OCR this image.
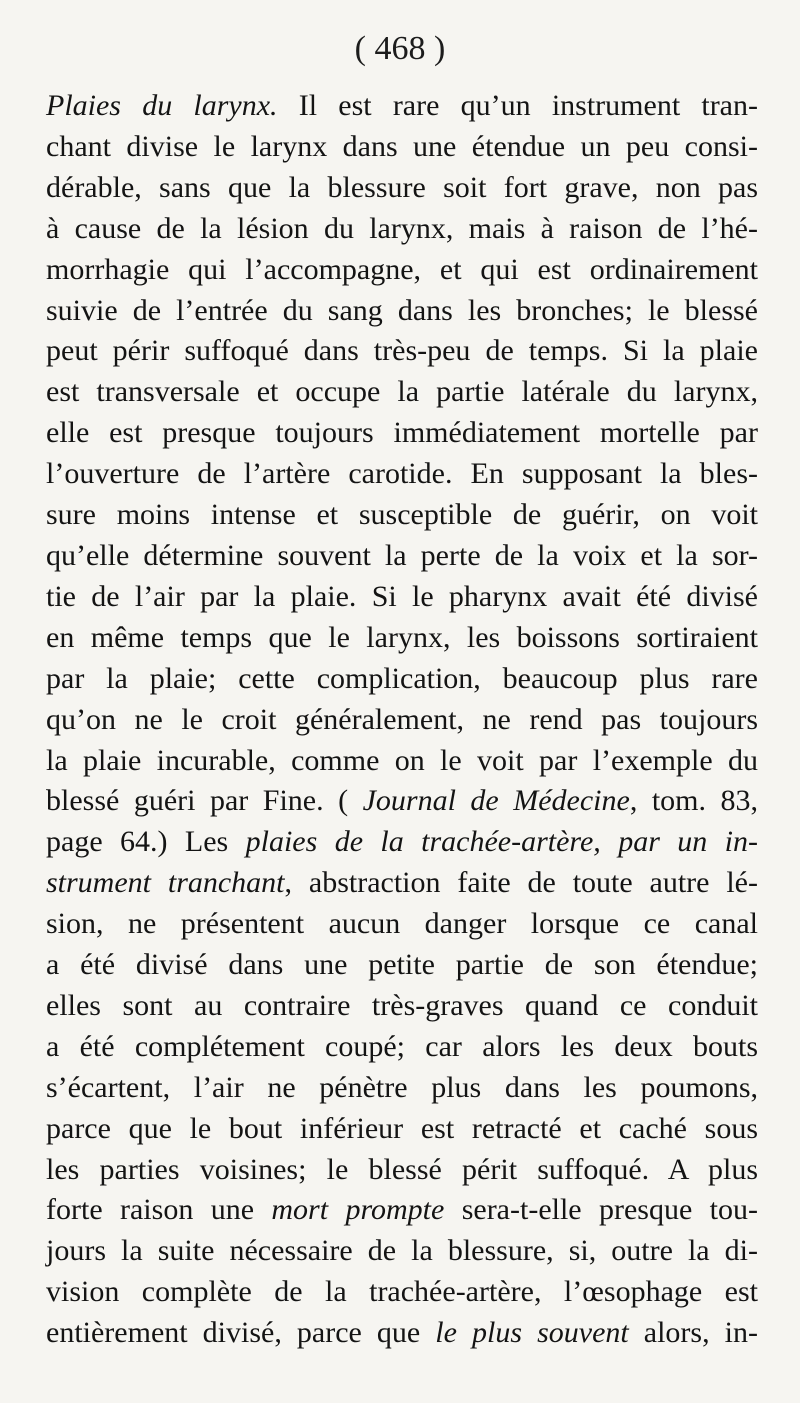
( 468 )
Plaies du larynx. Il est rare qu’un instrument tran-
chant divise le larynx dans une étendue un peu consi-
dérable, sans que la blessure soit fort grave, non pas
à cause de la lésion du larynx, mais à raison de l’hé-
morrhagie qui l’accompagne, et qui est ordinairement
suivie de l’entrée du sang dans les bronches; le blessé
peut périr suffoqué dans très-peu de temps. Si la plaie
est transversale et occupe la partie latérale du larynx,
elle est presque toujours immédiatement mortelle par
l’ouverture de l’artère carotide. En supposant la bles-
sure moins intense et susceptible de guérir, on voit
qu’elle détermine souvent la perte de la voix et la sor-
tie de l’air par la plaie. Si le pharynx avait été divisé
en même temps que le larynx, les boissons sortiraient
par la plaie; cette complication, beaucoup plus rare
qu’on ne le croit généralement, ne rend pas toujours
la plaie incurable, comme on le voit par l’exemple du
blessé guéri par Fine. ( Journal de Médecine, tom. 83,
page 64.) Les plaies de la trachée-artère, par un in-
strument tranchant, abstraction faite de toute autre lé-
sion, ne présentent aucun danger lorsque ce canal
a été divisé dans une petite partie de son étendue;
elles sont au contraire très-graves quand ce conduit
a été complétement coupé; car alors les deux bouts
s’écartent, l’air ne pénètre plus dans les poumons,
parce que le bout inférieur est retracté et caché sous
les parties voisines; le blessé périt suffoqué. A plus
forte raison une mort prompte sera-t-elle presque tou-
jours la suite nécessaire de la blessure, si, outre la di-
vision complète de la trachée-artère, l’œsophage est
entièrement divisé, parce que le plus souvent alors, in-
